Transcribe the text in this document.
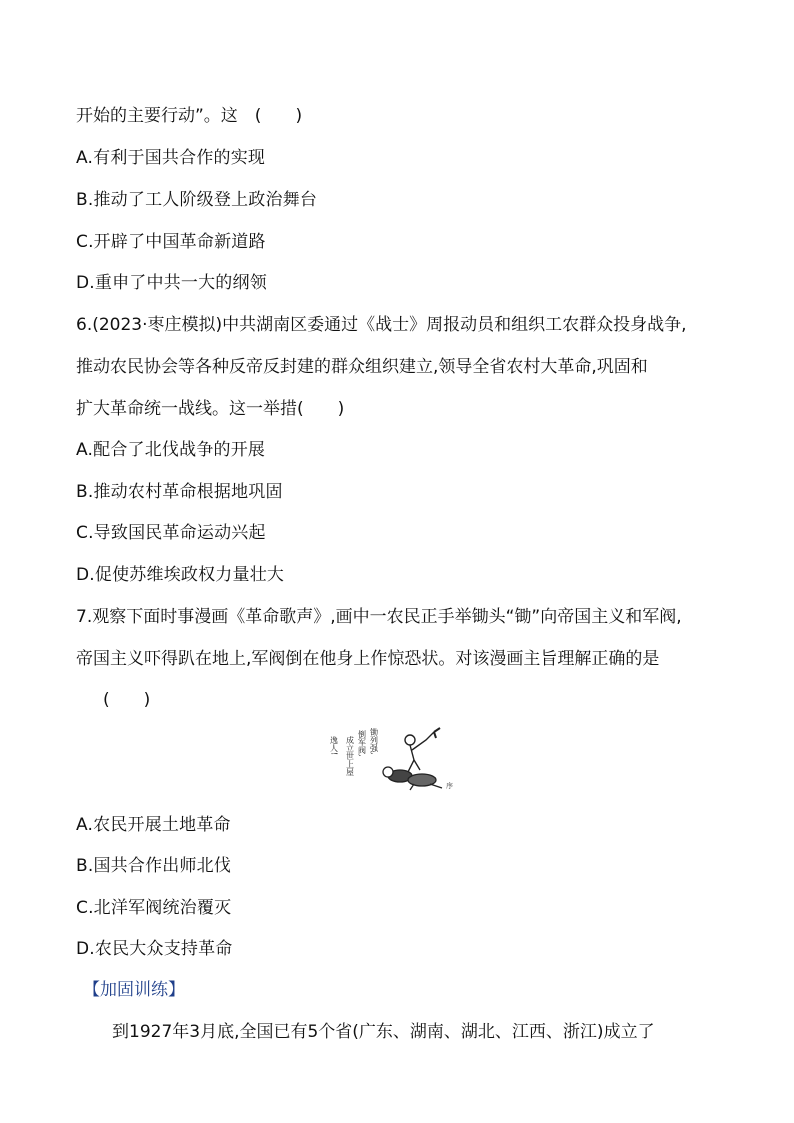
开始的主要行动”。这　(　　)
A.有利于国共合作的实现
B.推动了工人阶级登上政治舞台
C.开辟了中国革命新道路
D.重申了中共一大的纲领
6.(2023·枣庄模拟)中共湖南区委通过《战士》周报动员和组织工农群众投身战争,
推动农民协会等各种反帝反封建的群众组织建立,领导全省农村大革命,巩固和
扩大革命统一战线。这一举措(　　)
A.配合了北伐战争的开展
B.推动农村革命根据地巩固
C.导致国民革命运动兴起
D.促使苏维埃政权力量壮大
7.观察下面时事漫画《革命歌声》,画中一农民正手举锄头“锄”向帝国主义和军阀,
帝国主义吓得趴在地上,军阀倒在他身上作惊恐状。对该漫画主旨理解正确的是
(　　)
逸人! 成立世上屋 倒军阀, 锄列强,
序
A.农民开展土地革命
B.国共合作出师北伐
C.北洋军阀统治覆灭
D.农民大众支持革命
【加固训练】
到1927年3月底,全国已有5个省(广东、湖南、湖北、江西、浙江)成立了
